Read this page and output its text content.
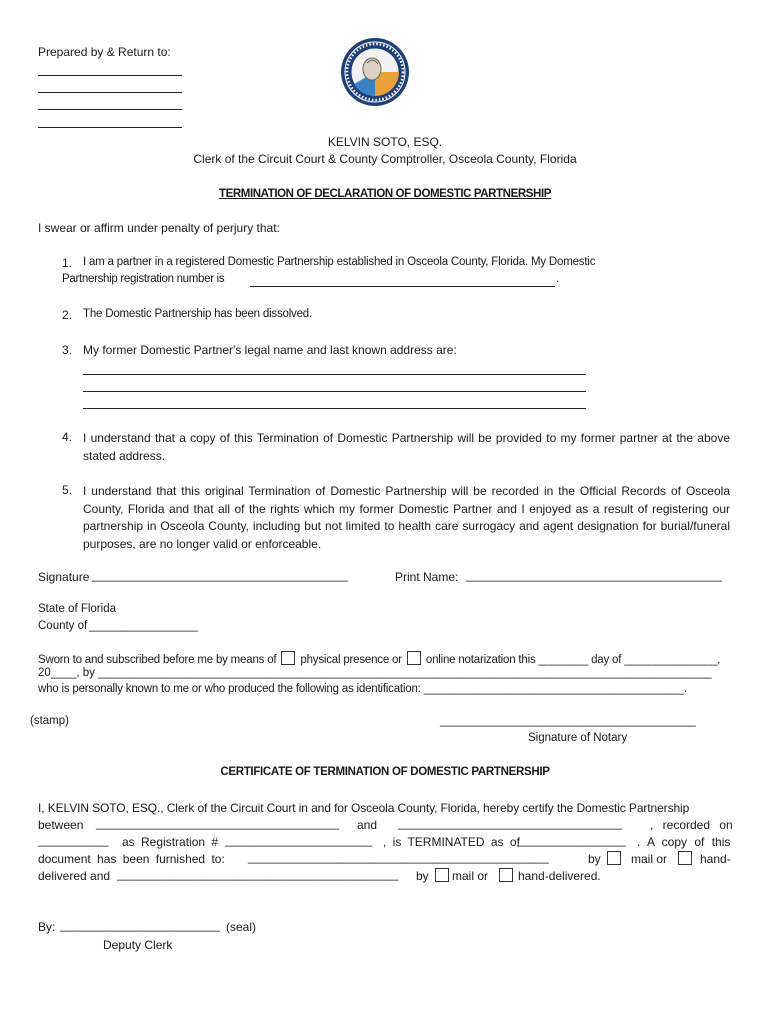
Prepared by & Return to:
KELVIN SOTO, ESQ.
Clerk of the Circuit Court & County Comptroller, Osceola County, Florida
TERMINATION OF DECLARATION OF DOMESTIC PARTNERSHIP
I swear or affirm under penalty of perjury that:
1. I am a partner in a registered Domestic Partnership established in Osceola County, Florida. My Domestic
Partnership registration number is	.
2. The Domestic Partnership has been dissolved.
3. My former Domestic Partner's legal name and last known address are:
4. I understand that a copy of this Termination of Domestic Partnership will be provided to my former partner at the above stated address.
5. I understand that this original Termination of Domestic Partnership will be recorded in the Official Records of Osceola County, Florida and that all of the rights which my former Domestic Partner and I enjoyed as a result of registering our partnership in Osceola County, including but not limited to health care surrogacy and agent designation for burial/funeral purposes, are no longer valid or enforceable.
Signature ________________________________________	Print Name: ________________________________________
State of Florida
County of _________________
Sworn to and subscribed before me by means of physical presence or online notarization this ________ day of _______________,
20____, by ___________________________________________________________________________________________________
who is personally known to me or who produced the following as identification: __________________________________________.
(stamp)	________________________________________
Signature of Notary
CERTIFICATE OF TERMINATION OF DOMESTIC PARTNERSHIP
I, KELVIN SOTO, ESQ., Clerk of the Circuit Court in and for Osceola County, Florida, hereby certify the Domestic Partnership
between ______________________________________ and ___________________________________ , recorded on
___________ as Registration # _______________________ , is TERMINATED as of
_________________ . A copy of this
document has been furnished to: _______________________________________________	by	mail or	hand-
delivered and ____________________________________________ by mail or hand-delivered.
By: _________________________ (seal)
Deputy Clerk
